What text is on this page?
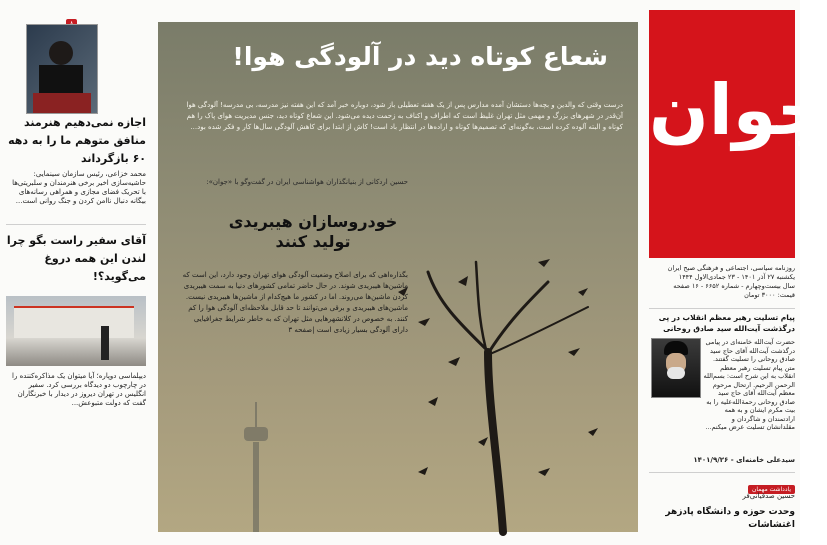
اجازه نمی‌دهیم هنرمند منافق متوهم ما را به دهه ۶۰ بازگرداند
محمد خزاعی، رئیس سازمان سینمایی: حاشیه‌سازی اخیر برخی هنرمندان و سلبریتی‌ها با تحریک فضای مجازی و همراهی رسانه‌های بیگانه دنبال ناامن کردن و جنگ روانی است...
آقای سفیر راست بگو چرا لندن این همه دروغ می‌گوید؟!
دیپلماسی دوپاره؛ آیا میتوان یک مذاکره‌کننده را در چارچوب دو دیدگاه بررسی کرد. سفیر انگلیس در تهران دیروز در دیدار با خبرنگاران گفت که دولت متبوعش...
شعاع کوتاه دید در آلودگی هوا!
درست وقتی که والدین و بچه‌ها دستشان آمده مدارس پس از یک هفته تعطیلی باز شود، دوباره خبر آمد که این هفته نیز مدرسه، بی مدرسه! آلودگی هوا آن‌قدر در شهرهای بزرگ و مهمی مثل تهران غلیظ است که اطراف و اکناف به زحمت دیده می‌شود. این شعاع کوتاه دید، جنس مدیریت هوای پاک را هم کوتاه و البته آلوده کرده است، به‌گونه‌ای که تصمیم‌ها کوتاه و اراده‌ها در انتظار باد است! کاش از ابتدا برای کاهش آلودگی سال‌ها کار و فکر شده بود...
حسین اردکانی از بنیانگذاران هواشناسی ایران در گفت‌وگو با «جوان»:
خودروسازان هیبریدی تولید کنند
بگذاره‌اهی که برای اصلاح وضعیت آلودگی هوای تهران وجود دارد، این است که ماشین‌ها هیبریدی شوند. در حال حاضر تمامی کشورهای دنیا به سمت هیبریدی کردن ماشین‌ها می‌روند. اما در کشور ما هیچ‌کدام از ماشین‌ها هیبریدی نیست. ماشین‌های هیبریدی و برقی می‌توانند تا حد قابل ملاحظه‌ای آلودگی هوا را کم کنند. به خصوص در کلانشهرهایی مثل تهران که به خاطر شرایط جغرافیایی دارای آلودگی بسیار زیادی است |صفحه ۳
جوان
روزنامه سیاسی، اجتماعی و فرهنگی صبح ایران
یکشنبه ۲۷ آذر ۱۴۰۱ - ۲۳ جمادی‌الاول ۱۴۴۴
سال بیست‌وچهارم - شماره ۶۶۵۲ - ۱۶ صفحه
قیمت: ۳۰۰۰ تومان
پیام تسلیت رهبر معظم انقلاب در پی درگذشت آیت‌الله سید صادق روحانی
حضرت آیت‌الله خامنه‌ای در پیامی درگذشت آیت‌الله آقای حاج سید صادق روحانی را تسلیت گفتند. متن پیام تسلیت رهبر معظم انقلاب به این شرح است: بسم‌الله الرحمن الرحیم. ارتحال مرحوم معظم آیت‌الله آقای حاج سید صادق روحانی رحمةالله‌علیه را به بیت مکرم ایشان و به همه ارادتمندان و شاگردان و مقلدانشان تسلیت عرض میکنم...
سیدعلی خامنه‌ای - ۱۴۰۱/۹/۲۶
یادداشت مهمان
حسین صدقیانی‌فر
وحدت حوزه و دانشگاه پادزهر اغتشاشات
